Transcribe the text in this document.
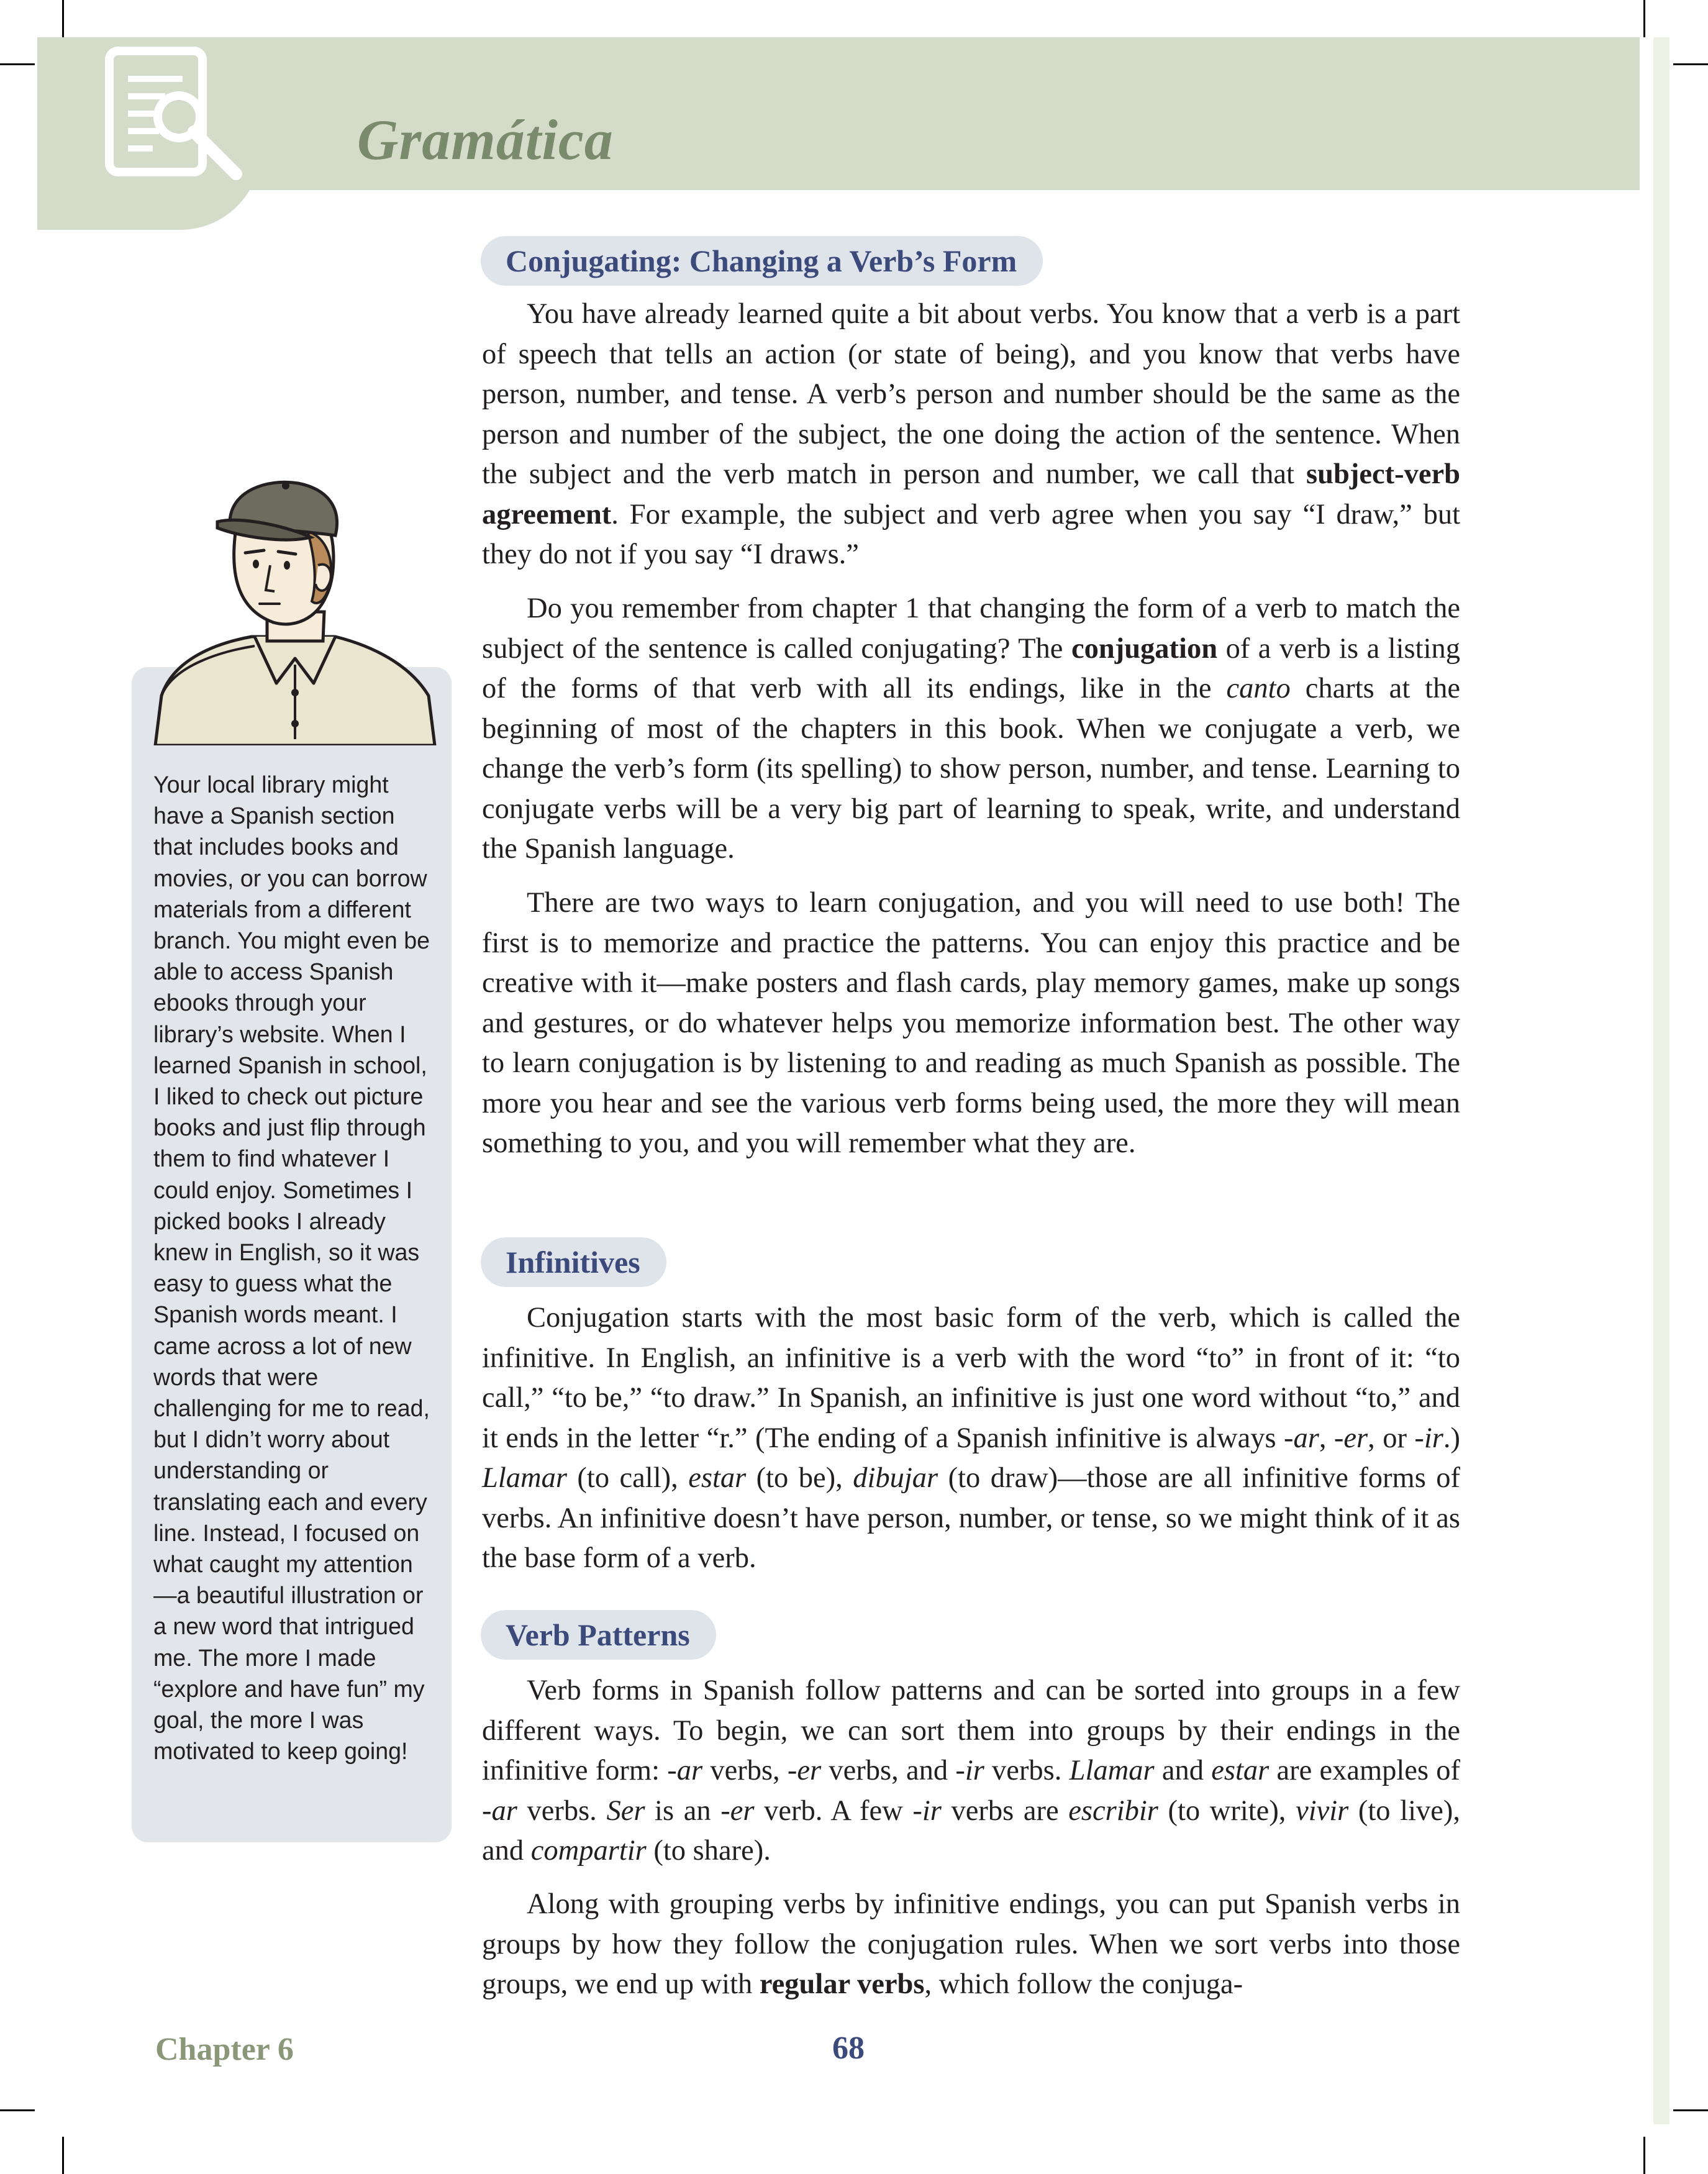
Gramática
Your local library might have a Spanish section that includes books and movies, or you can borrow materials from a different branch. You might even be able to access Spanish ebooks through your library’s website. When I learned Spanish in school, I liked to check out picture books and just flip through them to find whatever I could enjoy. Sometimes I picked books I already knew in English, so it was easy to guess what the Spanish words meant. I came across a lot of new words that were challenging for me to read, but I didn’t worry about understanding or translating each and every line. Instead, I focused on what caught my attention—a beautiful illustration or a new word that intrigued me. The more I made “explore and have fun” my goal, the more I was motivated to keep going!
Conjugating: Changing a Verb’s Form
You have already learned quite a bit about verbs. You know that a verb is a part of speech that tells an action (or state of being), and you know that verbs have person, number, and tense. A verb’s person and number should be the same as the person and number of the subject, the one doing the action of the sentence. When the subject and the verb match in person and number, we call that subject-verb agreement. For example, the subject and verb agree when you say “I draw,” but they do not if you say “I draws.”
Do you remember from chapter 1 that changing the form of a verb to match the subject of the sentence is called conjugating? The conjugation of a verb is a listing of the forms of that verb with all its endings, like in the canto charts at the beginning of most of the chapters in this book. When we conjugate a verb, we change the verb’s form (its spelling) to show person, number, and tense. Learning to conjugate verbs will be a very big part of learning to speak, write, and understand the Spanish language.
There are two ways to learn conjugation, and you will need to use both! The first is to memorize and practice the patterns. You can enjoy this practice and be creative with it—make posters and flash cards, play memory games, make up songs and gestures, or do whatever helps you memorize information best. The other way to learn conjugation is by listening to and reading as much Spanish as possible. The more you hear and see the various verb forms being used, the more they will mean something to you, and you will remember what they are.
Infinitives
Conjugation starts with the most basic form of the verb, which is called the infinitive. In English, an infinitive is a verb with the word “to” in front of it: “to call,” “to be,” “to draw.” In Spanish, an infinitive is just one word without “to,” and it ends in the letter “r.” (The ending of a Spanish infinitive is always -ar, -er, or -ir.) Llamar (to call), estar (to be), dibujar (to draw)—those are all infinitive forms of verbs. An infinitive doesn’t have person, number, or tense, so we might think of it as the base form of a verb.
Verb Patterns
Verb forms in Spanish follow patterns and can be sorted into groups in a few different ways. To begin, we can sort them into groups by their endings in the infinitive form: -ar verbs, -er verbs, and -ir verbs. Llamar and estar are examples of -ar verbs. Ser is an -er verb. A few -ir verbs are escribir (to write), vivir (to live), and compartir (to share).
Along with grouping verbs by infinitive endings, you can put Spanish verbs in groups by how they follow the conjugation rules. When we sort verbs into those groups, we end up with regular verbs, which follow the conjuga-
Chapter 6	68
